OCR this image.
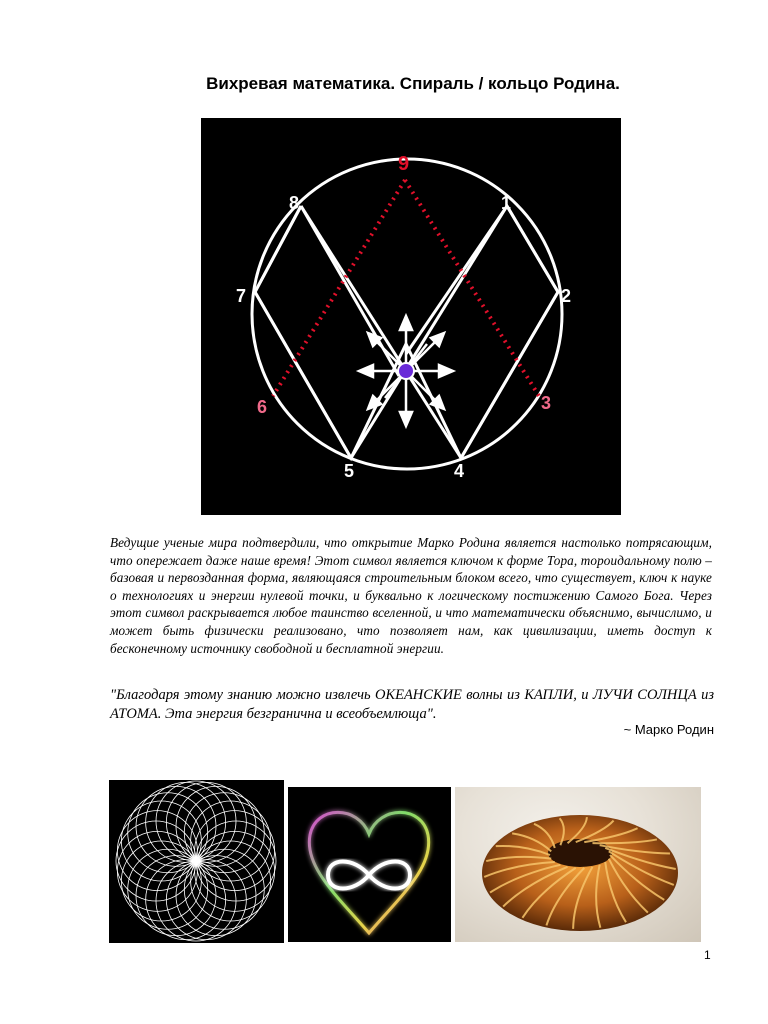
Вихревая математика. Спираль / кольцо Родина.
9
1
2
3
4
5
6
7
8
Ведущие ученые мира подтвердили, что открытие Марко Родина является настолько потрясающим, что опережает даже наше время! Этот символ является ключом к форме Тора, тороидальному полю – базовая и первозданная форма, являющаяся строительным блоком всего, что существует, ключ к науке о технологиях и энергии нулевой точки, и буквально к логическому постижению Самого Бога. Через этот символ раскрывается любое таинство вселенной, и что математически объяснимо, вычислимо, и может быть физически реализовано, что позволяет нам, как цивилизации, иметь доступ к бесконечному источнику свободной и бесплатной энергии.
"Благодаря этому знанию можно извлечь ОКЕАНСКИЕ волны из КАПЛИ, и ЛУЧИ СОЛНЦА из АТОМА. Эта энергия безгранична и всеобъемлюща".
~ Марко Родин
1
